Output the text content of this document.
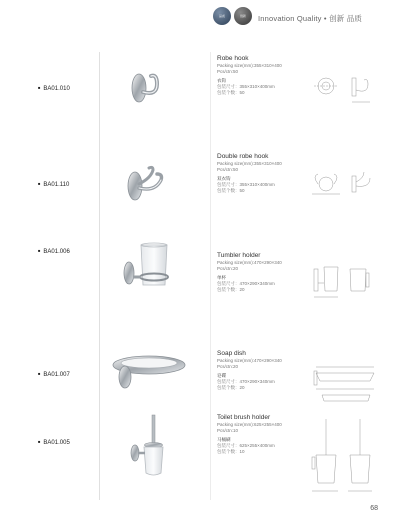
品质	创新	Innovation Quality • 创新 品质
■ BA01.010
Robe hook
Packing size(mm):355×310×400
Pcs/ctn:50
衣钩
包装尺寸：355×310×400mm
包装个数：50
■ BA01.110
Double robe hook
Packing size(mm):355×310×400
Pcs/ctn:50
双衣钩
包装尺寸：355×310×400mm
包装个数：50
■ BA01.006	Tumbler holder
Packing size(mm):470×290×340
Pcs/ctn:20
单杯
包装尺寸：470×290×340mm
包装个数：20
■ BA01.007
Soap dish
Packing size(mm):470×290×340
Pcs/ctn:20
皂碟
包装尺寸：470×290×340mm
包装个数：20
■ BA01.005
Toilet brush holder
Packing size(mm):625×255×400
Pcs/ctn:10
马桶刷
包装尺寸：625×255×400mm
包装个数：10
68
